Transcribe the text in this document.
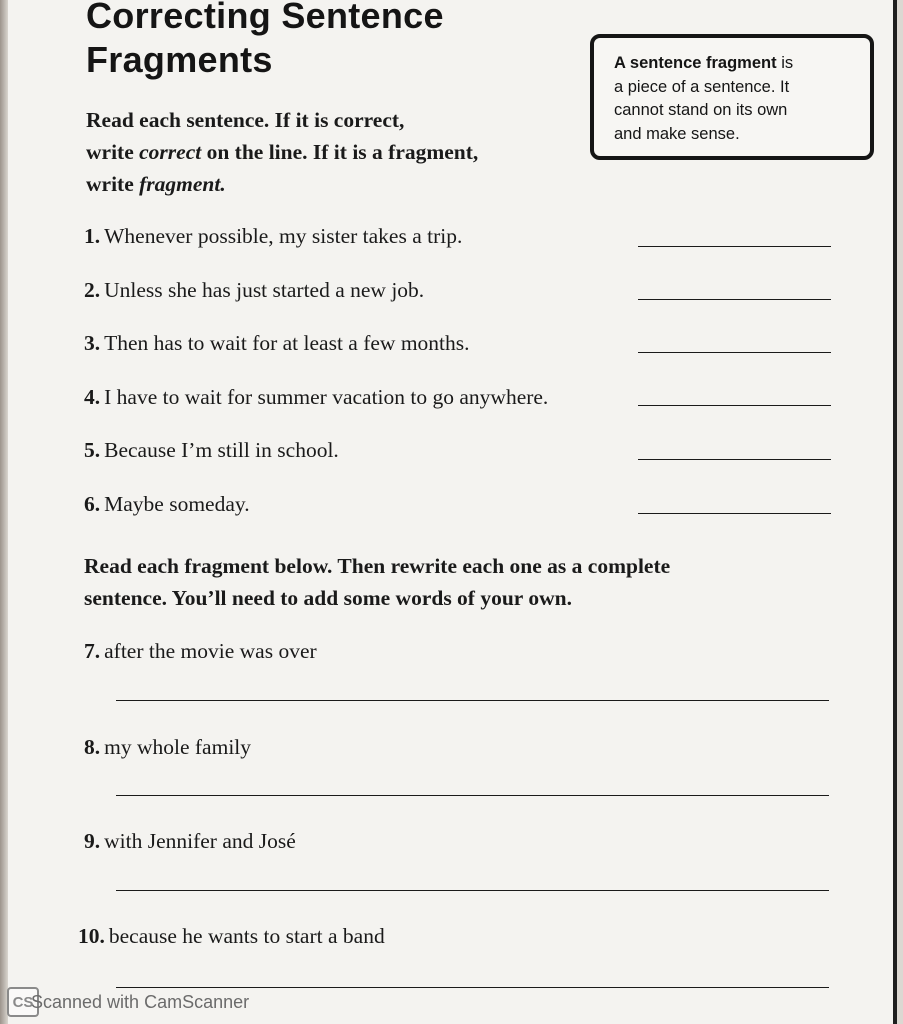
Correcting Sentence
Fragments	A sentence fragment is
a piece of a sentence. It
cannot stand on its own
and make sense.

Read each sentence. If it is correct,
write correct on the line. If it is a fragment,
write fragment.

1. Whenever possible, my sister takes a trip.

2. Unless she has just started a new job.

3. Then has to wait for at least a few months.

4. I have to wait for summer vacation to go anywhere.

5. Because I’m still in school.

6. Maybe someday.

Read each fragment below. Then rewrite each one as a complete
sentence. You’ll need to add some words of your own.

7. after the movie was over

8. my whole family

9. with Jennifer and José

10. because he wants to start a band

CS
Scanned with CamScanner
